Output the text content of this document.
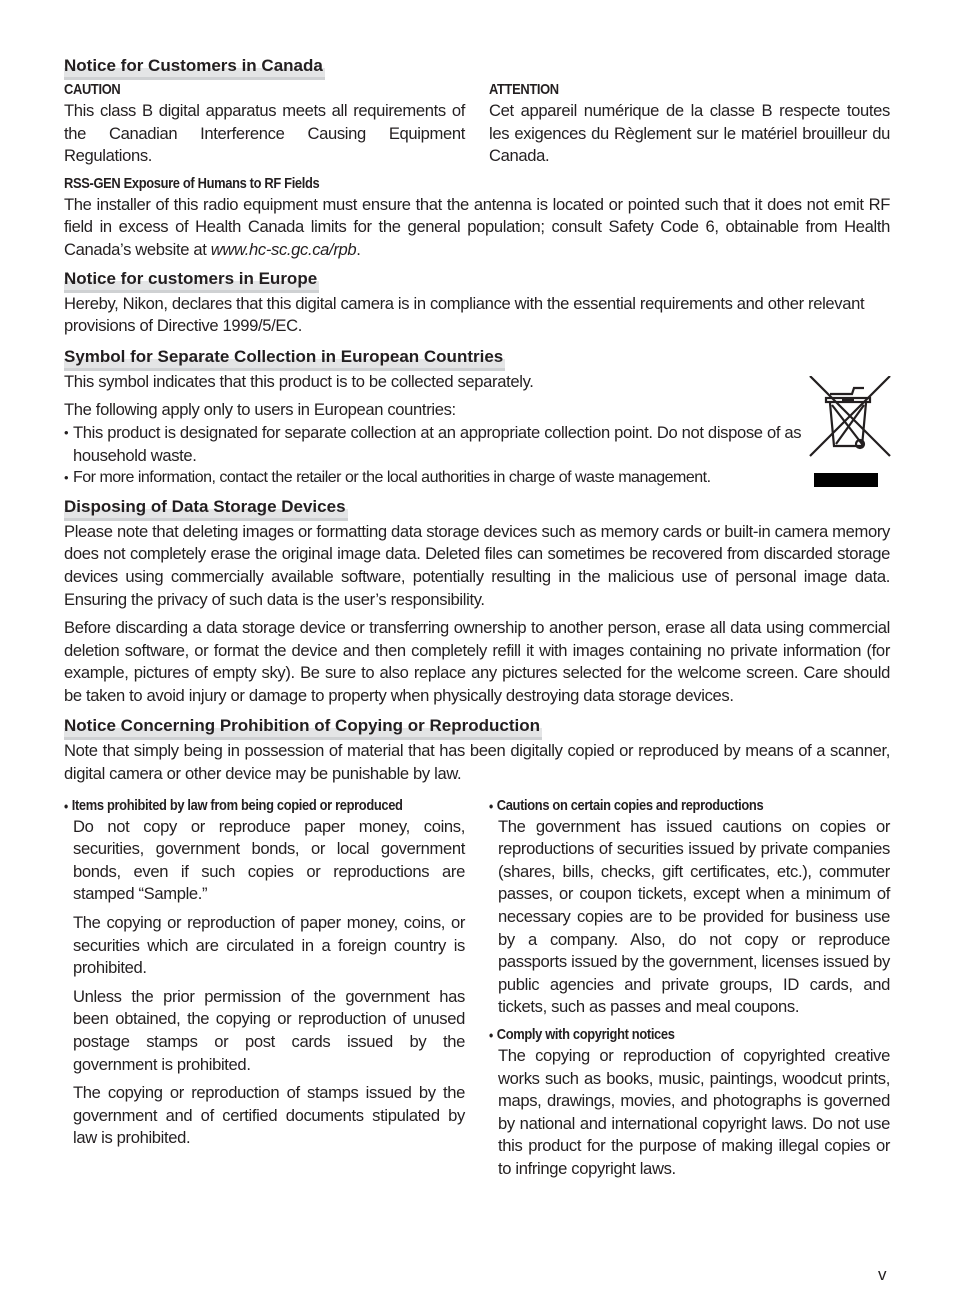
Notice for Customers in Canada
CAUTION

This class B digital apparatus meets all requirements of the Canadian Interference Causing Equipment Regulations.

ATTENTION

Cet appareil numérique de la classe B respecte toutes les exigences du Règlement sur le matériel brouilleur du Canada.

RSS-GEN Exposure of Humans to RF Fields

The installer of this radio equipment must ensure that the antenna is located or pointed such that it does not emit RF field in excess of Health Canada limits for the general population; consult Safety Code 6, obtainable from Health Canada’s website at www.hc-sc.gc.ca/rpb.

Notice for customers in Europe

Hereby, Nikon, declares that this digital camera is in compliance with the essential requirements and other relevant provisions of Directive 1999/5/EC.

Symbol for Separate Collection in European Countries

This symbol indicates that this product is to be collected separately.

The following apply only to users in European countries:

• This product is designated for separate collection at an appropriate collection point. Do not dispose of as household waste.
• For more information, contact the retailer or the local authorities in charge of waste management.
Disposing of Data Storage Devices

Please note that deleting images or formatting data storage devices such as memory cards or built-in camera memory does not completely erase the original image data. Deleted files can sometimes be recovered from discarded storage devices using commercially available software, potentially resulting in the malicious use of personal image data. Ensuring the privacy of such data is the user’s responsibility.

Before discarding a data storage device or transferring ownership to another person, erase all data using commercial deletion software, or format the device and then completely refill it with images containing no private information (for example, pictures of empty sky). Be sure to also replace any pictures selected for the welcome screen. Care should be taken to avoid injury or damage to property when physically destroying data storage devices.

Notice Concerning Prohibition of Copying or Reproduction

Note that simply being in possession of material that has been digitally copied or reproduced by means of a scanner, digital camera or other device may be punishable by law.

• Items prohibited by law from being copied or reproduced

Do not copy or reproduce paper money, coins, securities, government bonds, or local government bonds, even if such copies or reproductions are stamped “Sample.”

The copying or reproduction of paper money, coins, or securities which are circulated in a foreign country is prohibited.

Unless the prior permission of the government has been obtained, the copying or reproduction of unused postage stamps or post cards issued by the government is prohibited.

The copying or reproduction of stamps issued by the government and of certified documents stipulated by law is prohibited.

• Cautions on certain copies and reproductions

The government has issued cautions on copies or reproductions of securities issued by private companies (shares, bills, checks, gift certificates, etc.), commuter passes, or coupon tickets, except when a minimum of necessary copies are to be provided for business use by a company. Also, do not copy or reproduce passports issued by the government, licenses issued by public agencies and private groups, ID cards, and tickets, such as passes and meal coupons.

• Comply with copyright notices

The copying or reproduction of copyrighted creative works such as books, music, paintings, woodcut prints, maps, drawings, movies, and photographs is governed by national and international copyright laws. Do not use this product for the purpose of making illegal copies or to infringe copyright laws.

v
